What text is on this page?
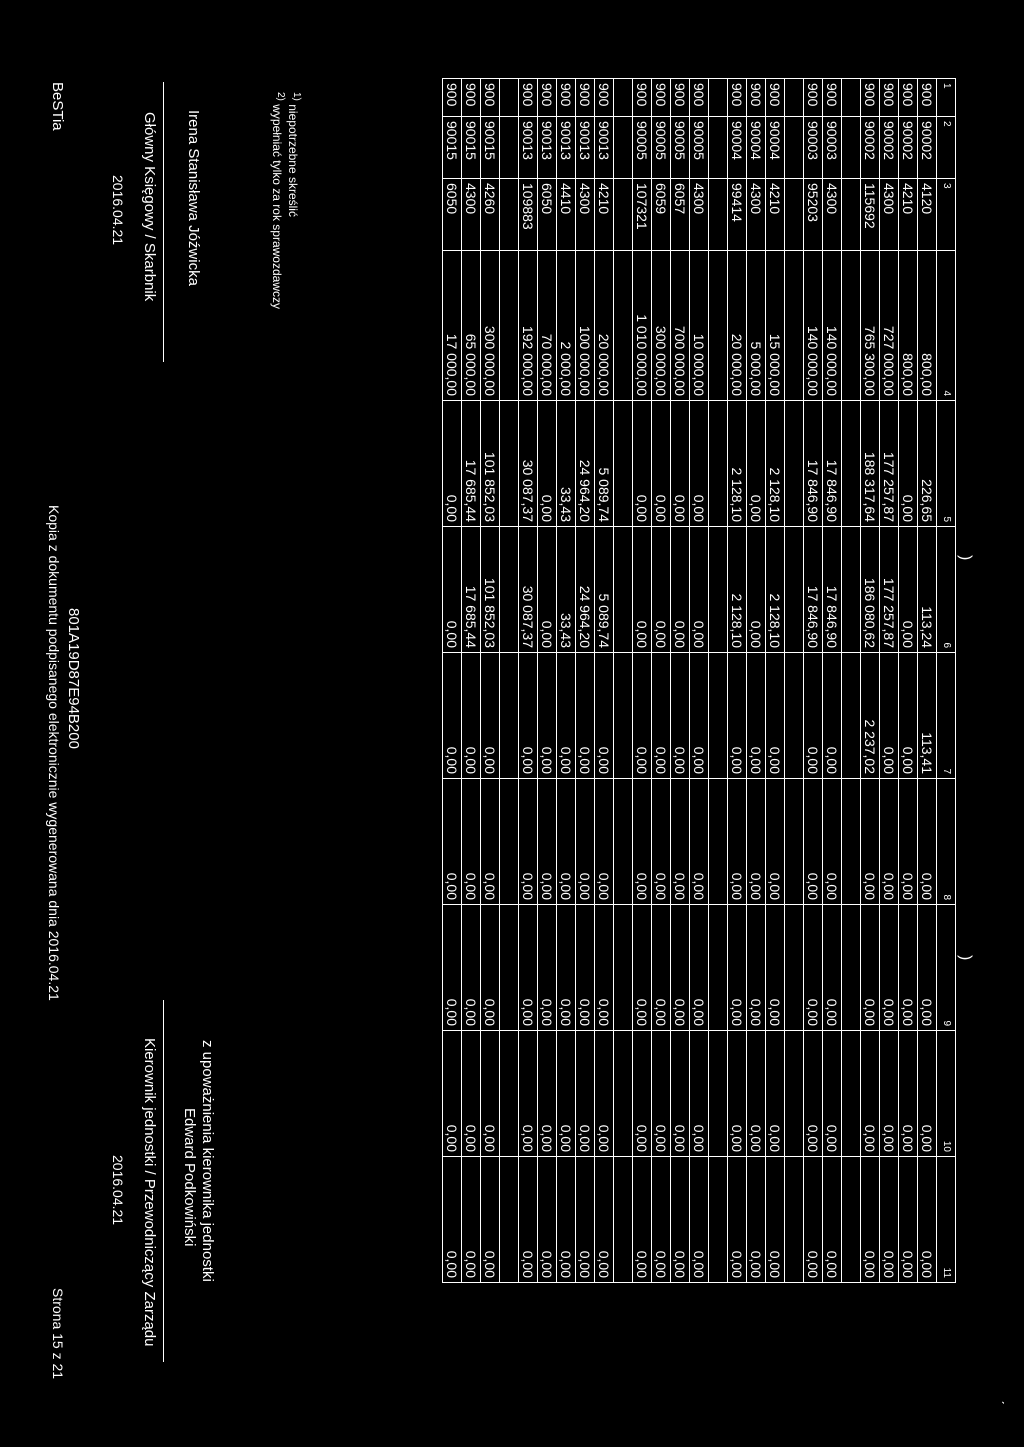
ˏ
)
)
1	2	3	4	5	6	7	8	9	10	11
900	90002	4120	800,00	226,65	113,24	113,41	0,00	0,00	0,00	0,00
900	90002	4210	800,00	0,00	0,00	0,00	0,00	0,00	0,00	0,00
900	90002	4300	727 000,00	177 257,87	177 257,87	0,00	0,00	0,00	0,00	0,00
900	90002	115692	765 300,00	188 317,64	186 080,62	2 237,02	0,00	0,00	0,00	0,00

900	90003	4300	140 000,00	17 846,90	17 846,90	0,00	0,00	0,00	0,00	0,00
900	90003	95203	140 000,00	17 846,90	17 846,90	0,00	0,00	0,00	0,00	0,00

900	90004	4210	15 000,00	2 128,10	2 128,10	0,00	0,00	0,00	0,00	0,00
900	90004	4300	5 000,00	0,00	0,00	0,00	0,00	0,00	0,00	0,00
900	90004	99414	20 000,00	2 128,10	2 128,10	0,00	0,00	0,00	0,00	0,00

900	90005	4300	10 000,00	0,00	0,00	0,00	0,00	0,00	0,00	0,00
900	90005	6057	700 000,00	0,00	0,00	0,00	0,00	0,00	0,00	0,00
900	90005	6059	300 000,00	0,00	0,00	0,00	0,00	0,00	0,00	0,00
900	90005	107321	1 010 000,00	0,00	0,00	0,00	0,00	0,00	0,00	0,00

900	90013	4210	20 000,00	5 089,74	5 089,74	0,00	0,00	0,00	0,00	0,00
900	90013	4300	100 000,00	24 964,20	24 964,20	0,00	0,00	0,00	0,00	0,00
900	90013	4410	2 000,00	33,43	33,43	0,00	0,00	0,00	0,00	0,00
900	90013	6050	70 000,00	0,00	0,00	0,00	0,00	0,00	0,00	0,00
900	90013	109883	192 000,00	30 087,37	30 087,37	0,00	0,00	0,00	0,00	0,00

900	90015	4260	300 000,00	101 852,03	101 852,03	0,00	0,00	0,00	0,00	0,00
900	90015	4300	65 000,00	17 685,44	17 685,44	0,00	0,00	0,00	0,00	0,00
900	90015	6050	17 000,00	0,00	0,00	0,00	0,00	0,00	0,00	0,00
$^{1)}$ niepotrzebne skreślić
$^{2)}$ wypełniać tylko za rok sprawozdawczy
Irena Stanisława Jóźwicka
Główny Księgowy / Skarbnik
2016.04.21
z upoważnienia kierownika jednostki
Edward Podkowiński
Kierownik jednostki / Przewodniczący Zarządu
2016.04.21
BeSTia
801A19D87E94B200
Kopia z dokumentu podpisanego elektronicznie wygenerowana dnia 2016.04.21
Strona 15 z 21
